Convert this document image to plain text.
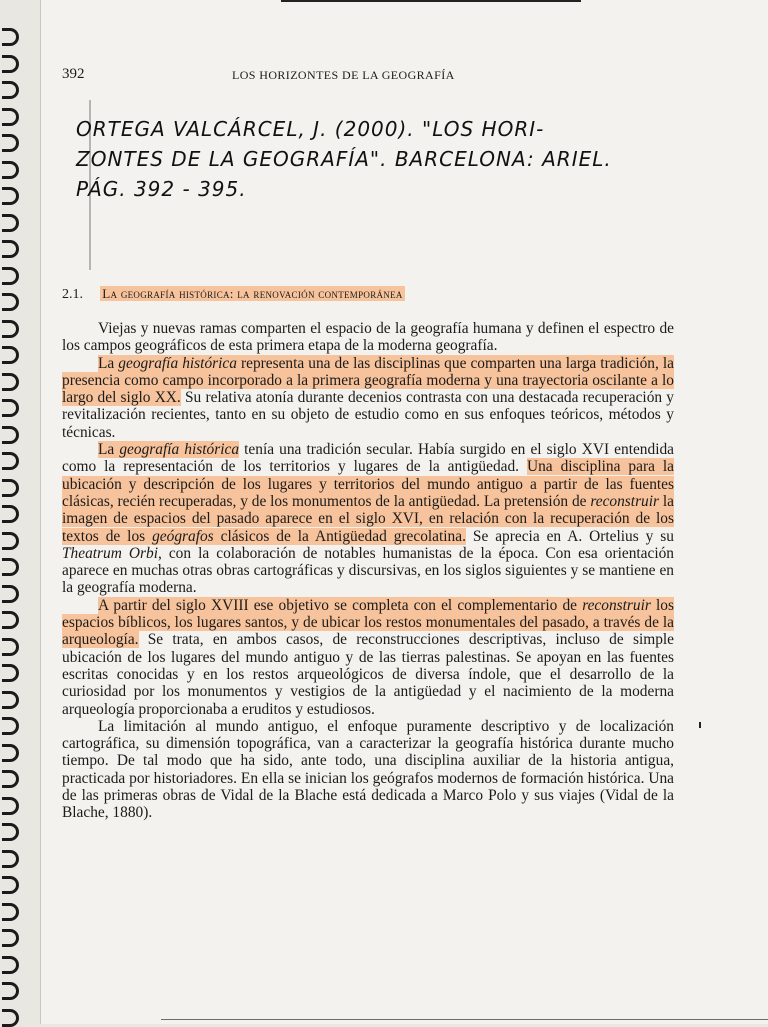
392	LOS HORIZONTES DE LA GEOGRAFÍA
ORTEGA VALCÁRCEL, J. (2000). "LOS HORI-
ZONTES DE LA GEOGRAFÍA". BARCELONA: ARIEL.
PÁG. 392 - 395.
2.1. La geografía histórica: la renovación contemporánea

Viejas y nuevas ramas comparten el espacio de la geografía humana y definen el espectro de los campos geográficos de esta primera etapa de la moderna geografía.

La geografía histórica representa una de las disciplinas que comparten una larga tradición, la presencia como campo incorporado a la primera geografía moderna y una trayectoria oscilante a lo largo del siglo XX. Su relativa atonía durante decenios contrasta con una destacada recuperación y revitalización recientes, tanto en su objeto de estudio como en sus enfoques teóricos, métodos y técnicas.

La geografía histórica tenía una tradición secular. Había surgido en el siglo XVI entendida como la representación de los territorios y lugares de la antigüedad. Una disciplina para la ubicación y descripción de los lugares y territorios del mundo antiguo a partir de las fuentes clásicas, recién recuperadas, y de los monumentos de la antigüedad. La pretensión de reconstruir la imagen de espacios del pasado aparece en el siglo XVI, en relación con la recuperación de los textos de los geógrafos clásicos de la Antigüedad grecolatina. Se aprecia en A. Ortelius y su Theatrum Orbi, con la colaboración de notables humanistas de la época. Con esa orientación aparece en muchas otras obras cartográficas y discursivas, en los siglos siguientes y se mantiene en la geografía moderna.

A partir del siglo XVIII ese objetivo se completa con el complementario de reconstruir los espacios bíblicos, los lugares santos, y de ubicar los restos monumentales del pasado, a través de la arqueología. Se trata, en ambos casos, de reconstrucciones descriptivas, incluso de simple ubicación de los lugares del mundo antiguo y de las tierras palestinas. Se apoyan en las fuentes escritas conocidas y en los restos arqueológicos de diversa índole, que el desarrollo de la curiosidad por los monumentos y vestigios de la antigüedad y el nacimiento de la moderna arqueología proporcionaba a eruditos y estudiosos.

La limitación al mundo antiguo, el enfoque puramente descriptivo y de localización cartográfica, su dimensión topográfica, van a caracterizar la geografía histórica durante mucho tiempo. De tal modo que ha sido, ante todo, una disciplina auxiliar de la historia antigua, practicada por historiadores. En ella se inician los geógrafos modernos de formación histórica. Una de las primeras obras de Vidal de la Blache está dedicada a Marco Polo y sus viajes (Vidal de la Blache, 1880).
